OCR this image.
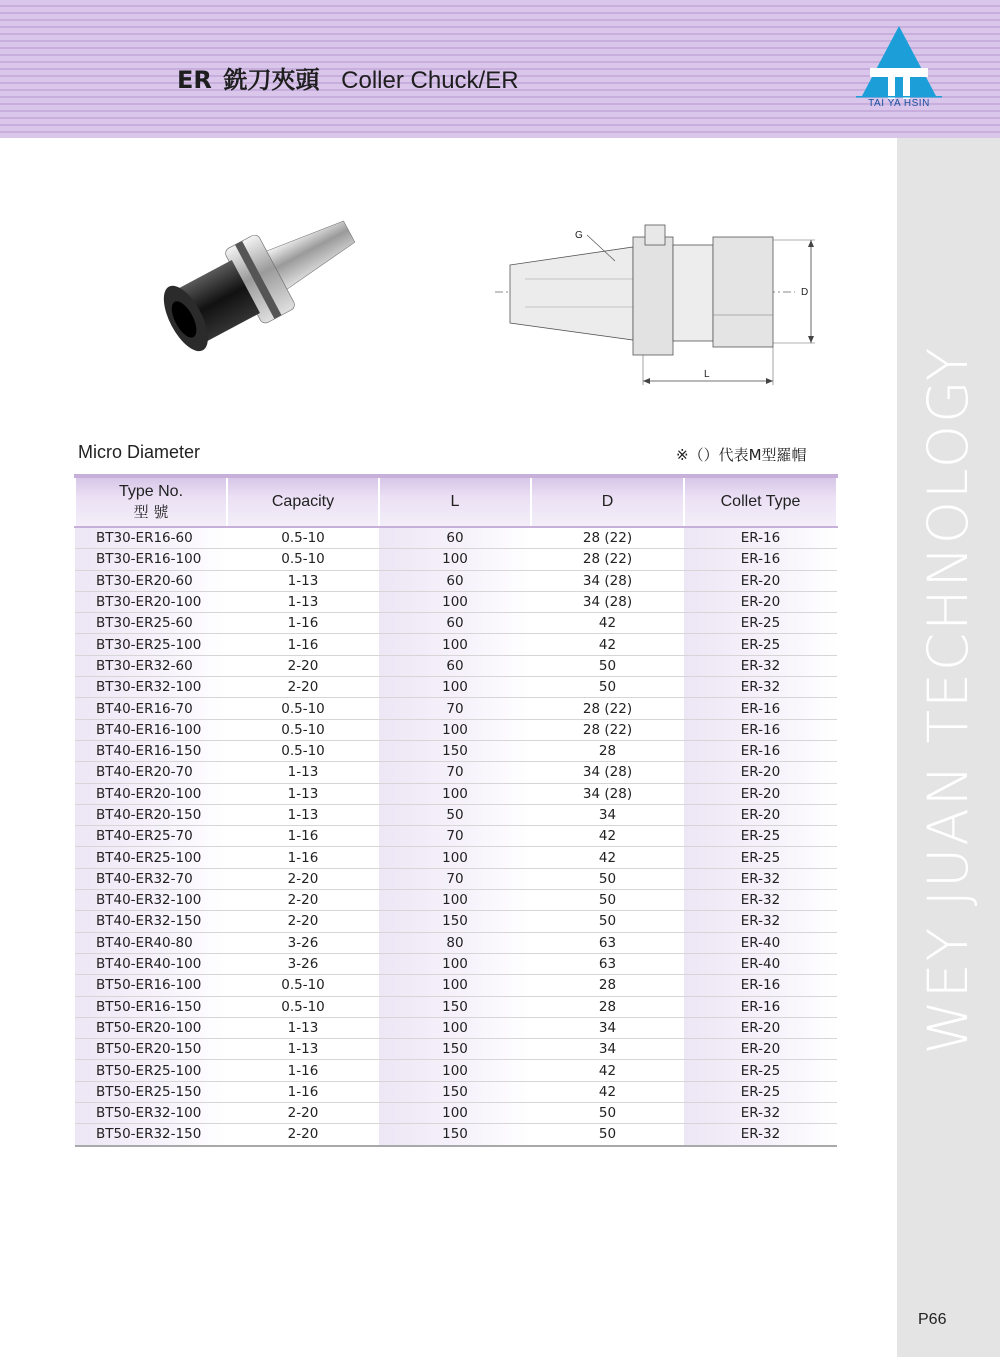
ER 銑刀夾頭 Coller Chuck/ER
TAI YA HSIN
WEY JUAN TECHNOLOGY
P66
G
D
L
Micro Diameter	※（）代表M型羅帽
Type No.
型 號	Capacity	L	D	Collet Type
BT30-ER16-60	0.5-10	60	28 (22)	ER-16
BT30-ER16-100	0.5-10	100	28 (22)	ER-16
BT30-ER20-60	1-13	60	34 (28)	ER-20
BT30-ER20-100	1-13	100	34 (28)	ER-20
BT30-ER25-60	1-16	60	42	ER-25
BT30-ER25-100	1-16	100	42	ER-25
BT30-ER32-60	2-20	60	50	ER-32
BT30-ER32-100	2-20	100	50	ER-32
BT40-ER16-70	0.5-10	70	28 (22)	ER-16
BT40-ER16-100	0.5-10	100	28 (22)	ER-16
BT40-ER16-150	0.5-10	150	28	ER-16
BT40-ER20-70	1-13	70	34 (28)	ER-20
BT40-ER20-100	1-13	100	34 (28)	ER-20
BT40-ER20-150	1-13	50	34	ER-20
BT40-ER25-70	1-16	70	42	ER-25
BT40-ER25-100	1-16	100	42	ER-25
BT40-ER32-70	2-20	70	50	ER-32
BT40-ER32-100	2-20	100	50	ER-32
BT40-ER32-150	2-20	150	50	ER-32
BT40-ER40-80	3-26	80	63	ER-40
BT40-ER40-100	3-26	100	63	ER-40
BT50-ER16-100	0.5-10	100	28	ER-16
BT50-ER16-150	0.5-10	150	28	ER-16
BT50-ER20-100	1-13	100	34	ER-20
BT50-ER20-150	1-13	150	34	ER-20
BT50-ER25-100	1-16	100	42	ER-25
BT50-ER25-150	1-16	150	42	ER-25
BT50-ER32-100	2-20	100	50	ER-32
BT50-ER32-150	2-20	150	50	ER-32
